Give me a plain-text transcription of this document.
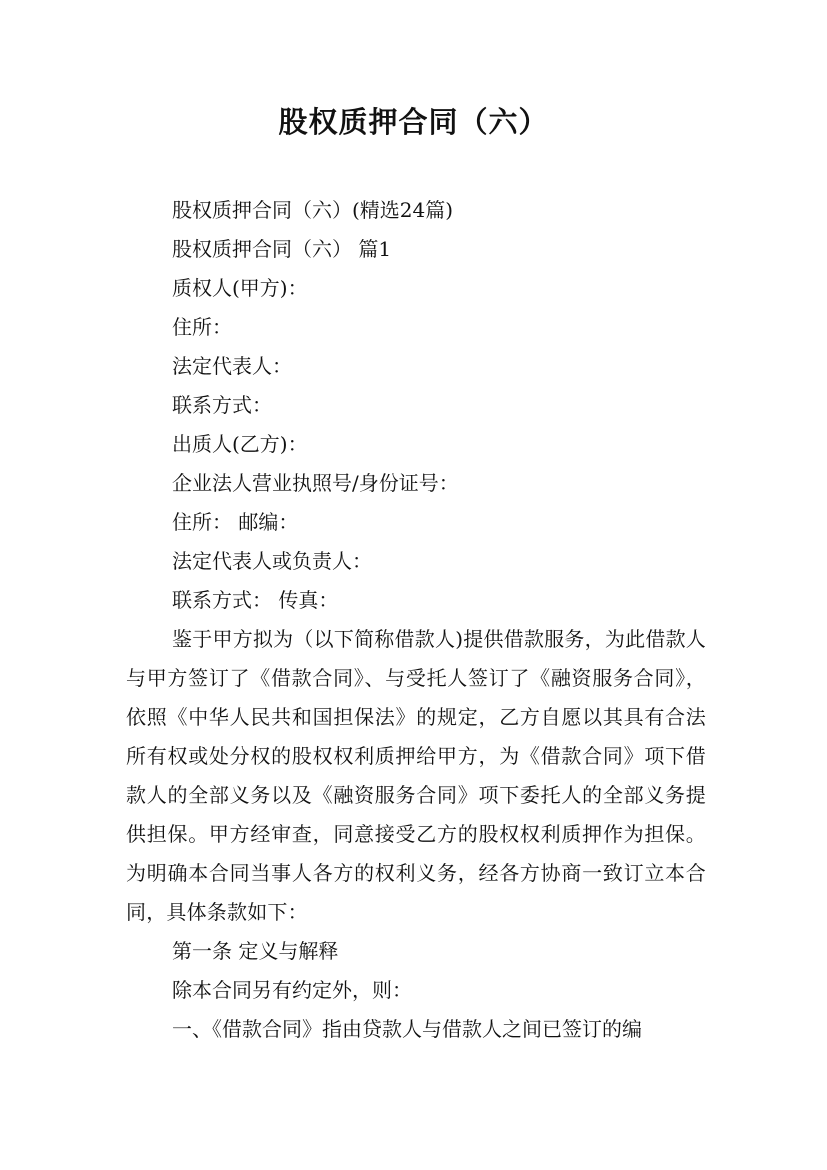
股权质押合同（六）
股权质押合同（六）(精选24篇)
股权质押合同（六） 篇1
质权人(甲方)：
住所：
法定代表人：
联系方式：
出质人(乙方)：
企业法人营业执照号/身份证号：
住所： 邮编：
法定代表人或负责人：
联系方式： 传真：
鉴于甲方拟为（以下简称借款人)提供借款服务，为此借款人与甲方签订了《借款合同》、与受托人签订了《融资服务合同》，依照《中华人民共和国担保法》的规定，乙方自愿以其具有合法所有权或处分权的股权权利质押给甲方，为《借款合同》项下借款人的全部义务以及《融资服务合同》项下委托人的全部义务提供担保。甲方经审查，同意接受乙方的股权权利质押作为担保。为明确本合同当事人各方的权利义务，经各方协商一致订立本合同，具体条款如下：
第一条 定义与解释
除本合同另有约定外，则：
一、《借款合同》指由贷款人与借款人之间已签订的编
